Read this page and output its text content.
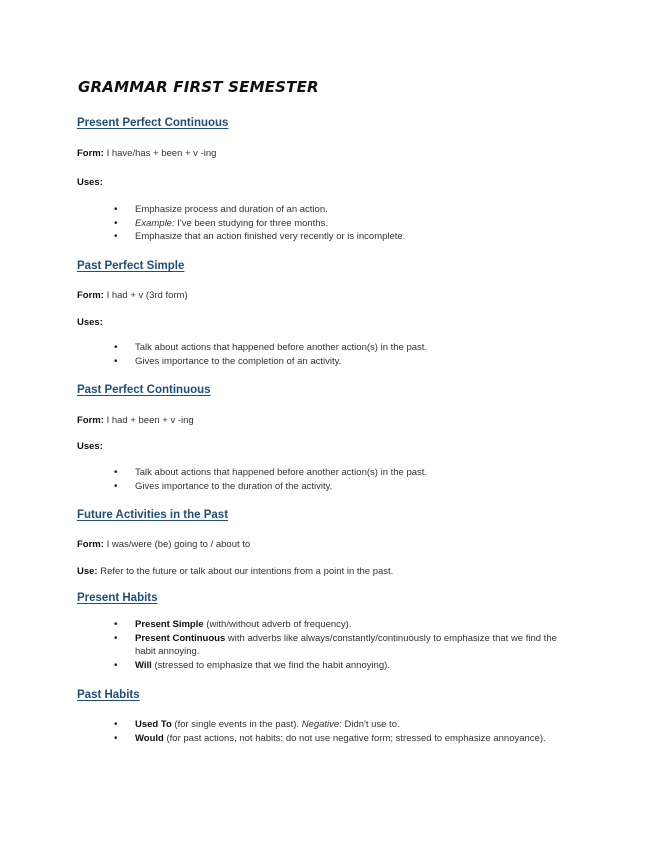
GRAMMAR FIRST SEMESTER
Present Perfect Continuous

Form: I have/has + been + v -ing

Uses:

• Emphasize process and duration of an action.
• Example: I've been studying for three months.
• Emphasize that an action finished very recently or is incomplete.
Past Perfect Simple

Form: I had + v (3rd form)

Uses:

• Talk about actions that happened before another action(s) in the past.
• Gives importance to the completion of an activity.
Past Perfect Continuous

Form: I had + been + v -ing

Uses:

• Talk about actions that happened before another action(s) in the past.
• Gives importance to the duration of the activity.
Future Activities in the Past

Form: I was/were (be) going to / about to

Use: Refer to the future or talk about our intentions from a point in the past.

Present Habits
• Present Simple (with/without adverb of frequency).
• Present Continuous with adverbs like always/constantly/continuously to emphasize that we find the habit annoying.
• Will (stressed to emphasize that we find the habit annoying).
Past Habits
• Used To (for single events in the past). Negative: Didn't use to.
• Would (for past actions, not habits; do not use negative form; stressed to emphasize annoyance).
